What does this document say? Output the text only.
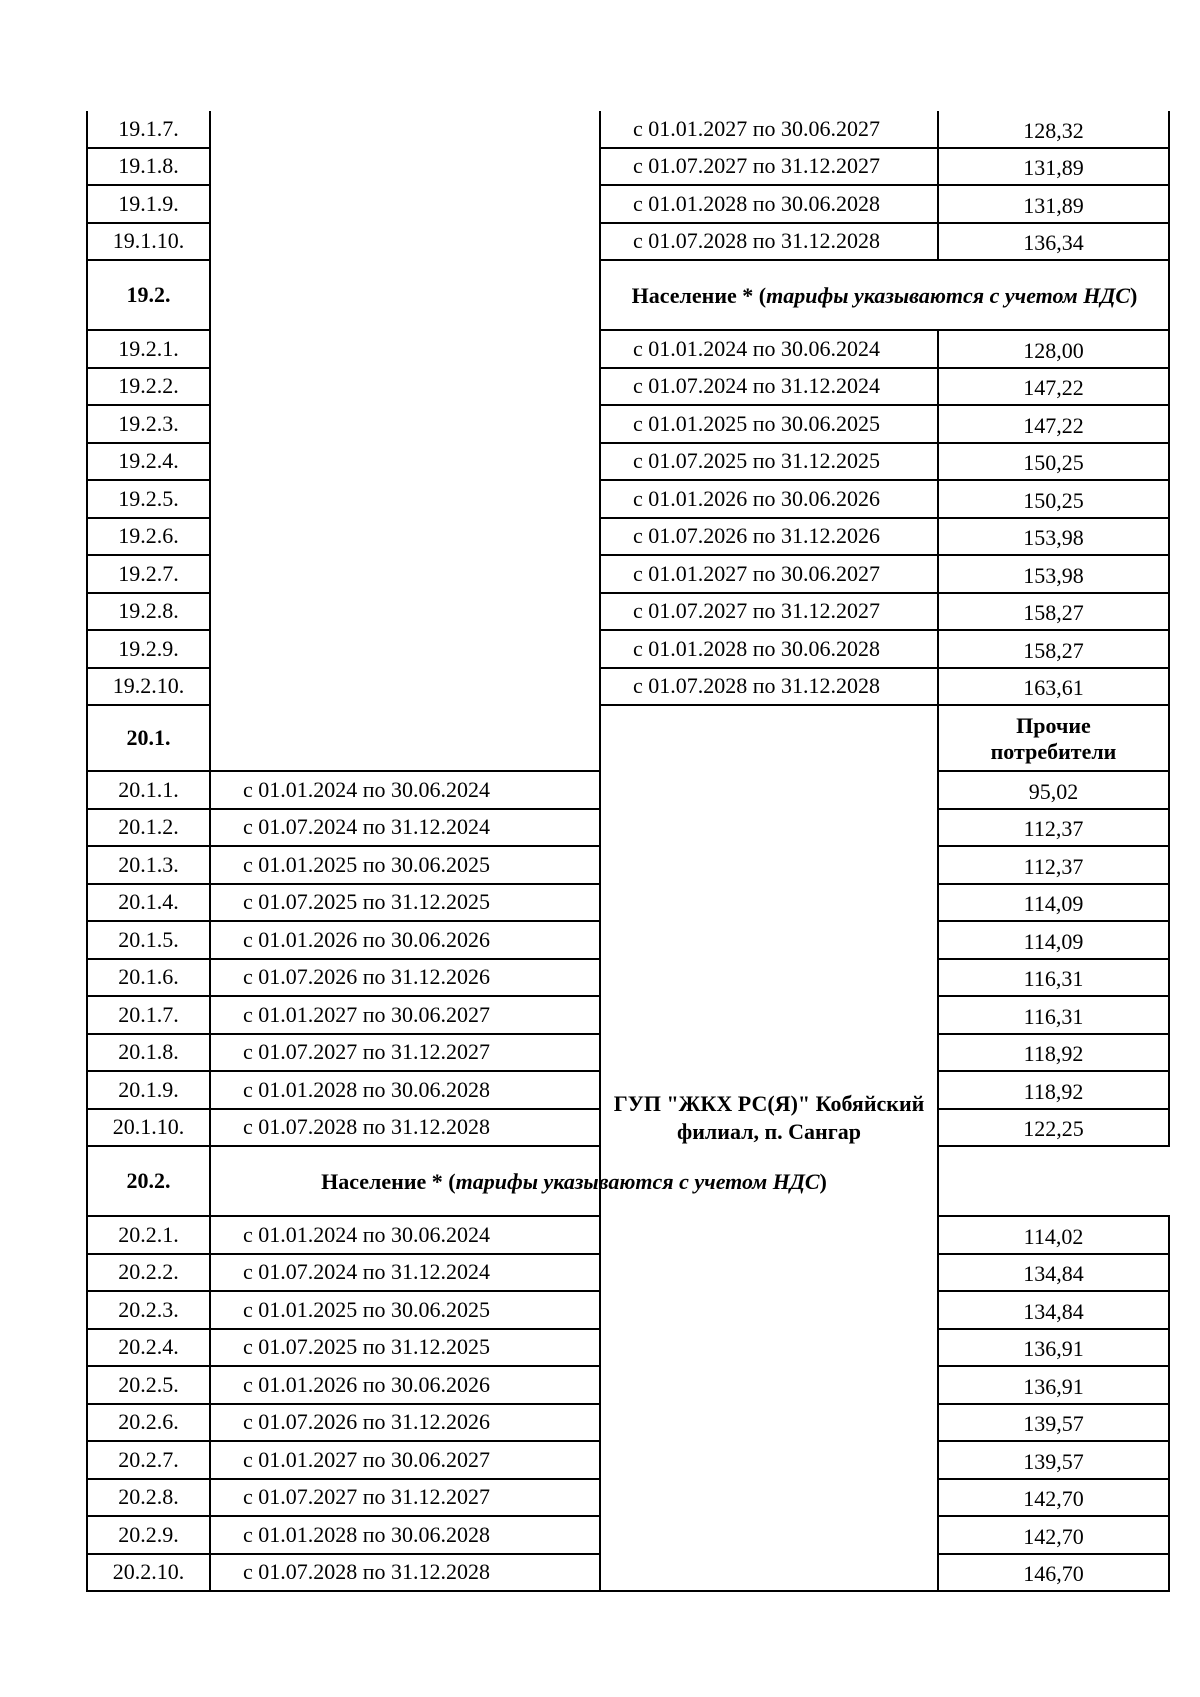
19.1.7.		с 01.01.2027 по 30.06.2027	128,32
19.1.8.		с 01.07.2027 по 31.12.2027	131,89
19.1.9.		с 01.01.2028 по 30.06.2028	131,89
19.1.10.		с 01.07.2028 по 31.12.2028	136,34
19.2.		Население * (тарифы указываются с учетом НДС)	
19.2.1.		с 01.01.2024 по 30.06.2024	128,00
19.2.2.		с 01.07.2024 по 31.12.2024	147,22
19.2.3.		с 01.01.2025 по 30.06.2025	147,22
19.2.4.		с 01.07.2025 по 31.12.2025	150,25
19.2.5.		с 01.01.2026 по 30.06.2026	150,25
19.2.6.		с 01.07.2026 по 31.12.2026	153,98
19.2.7.		с 01.01.2027 по 30.06.2027	153,98
19.2.8.		с 01.07.2027 по 31.12.2027	158,27
19.2.9.		с 01.01.2028 по 30.06.2028	158,27
19.2.10.		с 01.07.2028 по 31.12.2028	163,61
20.1.		ГУП "ЖКХ РС(Я)" Кобяйский филиал, п. Сангар	Прочие потребители
20.1.1.	с 01.01.2024 по 30.06.2024		95,02
20.1.2.	с 01.07.2024 по 31.12.2024		112,37
20.1.3.	с 01.01.2025 по 30.06.2025		112,37
20.1.4.	с 01.07.2025 по 31.12.2025		114,09
20.1.5.	с 01.01.2026 по 30.06.2026		114,09
20.1.6.	с 01.07.2026 по 31.12.2026		116,31
20.1.7.	с 01.01.2027 по 30.06.2027		116,31
20.1.8.	с 01.07.2027 по 31.12.2027		118,92
20.1.9.	с 01.01.2028 по 30.06.2028		118,92
20.1.10.	с 01.07.2028 по 31.12.2028		122,25
20.2.	Население * (тарифы указываются с учетом НДС)		
20.2.1.	с 01.01.2024 по 30.06.2024		114,02
20.2.2.	с 01.07.2024 по 31.12.2024		134,84
20.2.3.	с 01.01.2025 по 30.06.2025		134,84
20.2.4.	с 01.07.2025 по 31.12.2025		136,91
20.2.5.	с 01.01.2026 по 30.06.2026		136,91
20.2.6.	с 01.07.2026 по 31.12.2026		139,57
20.2.7.	с 01.01.2027 по 30.06.2027		139,57
20.2.8.	с 01.07.2027 по 31.12.2027		142,70
20.2.9.	с 01.01.2028 по 30.06.2028		142,70
20.2.10.	с 01.07.2028 по 31.12.2028		146,70
